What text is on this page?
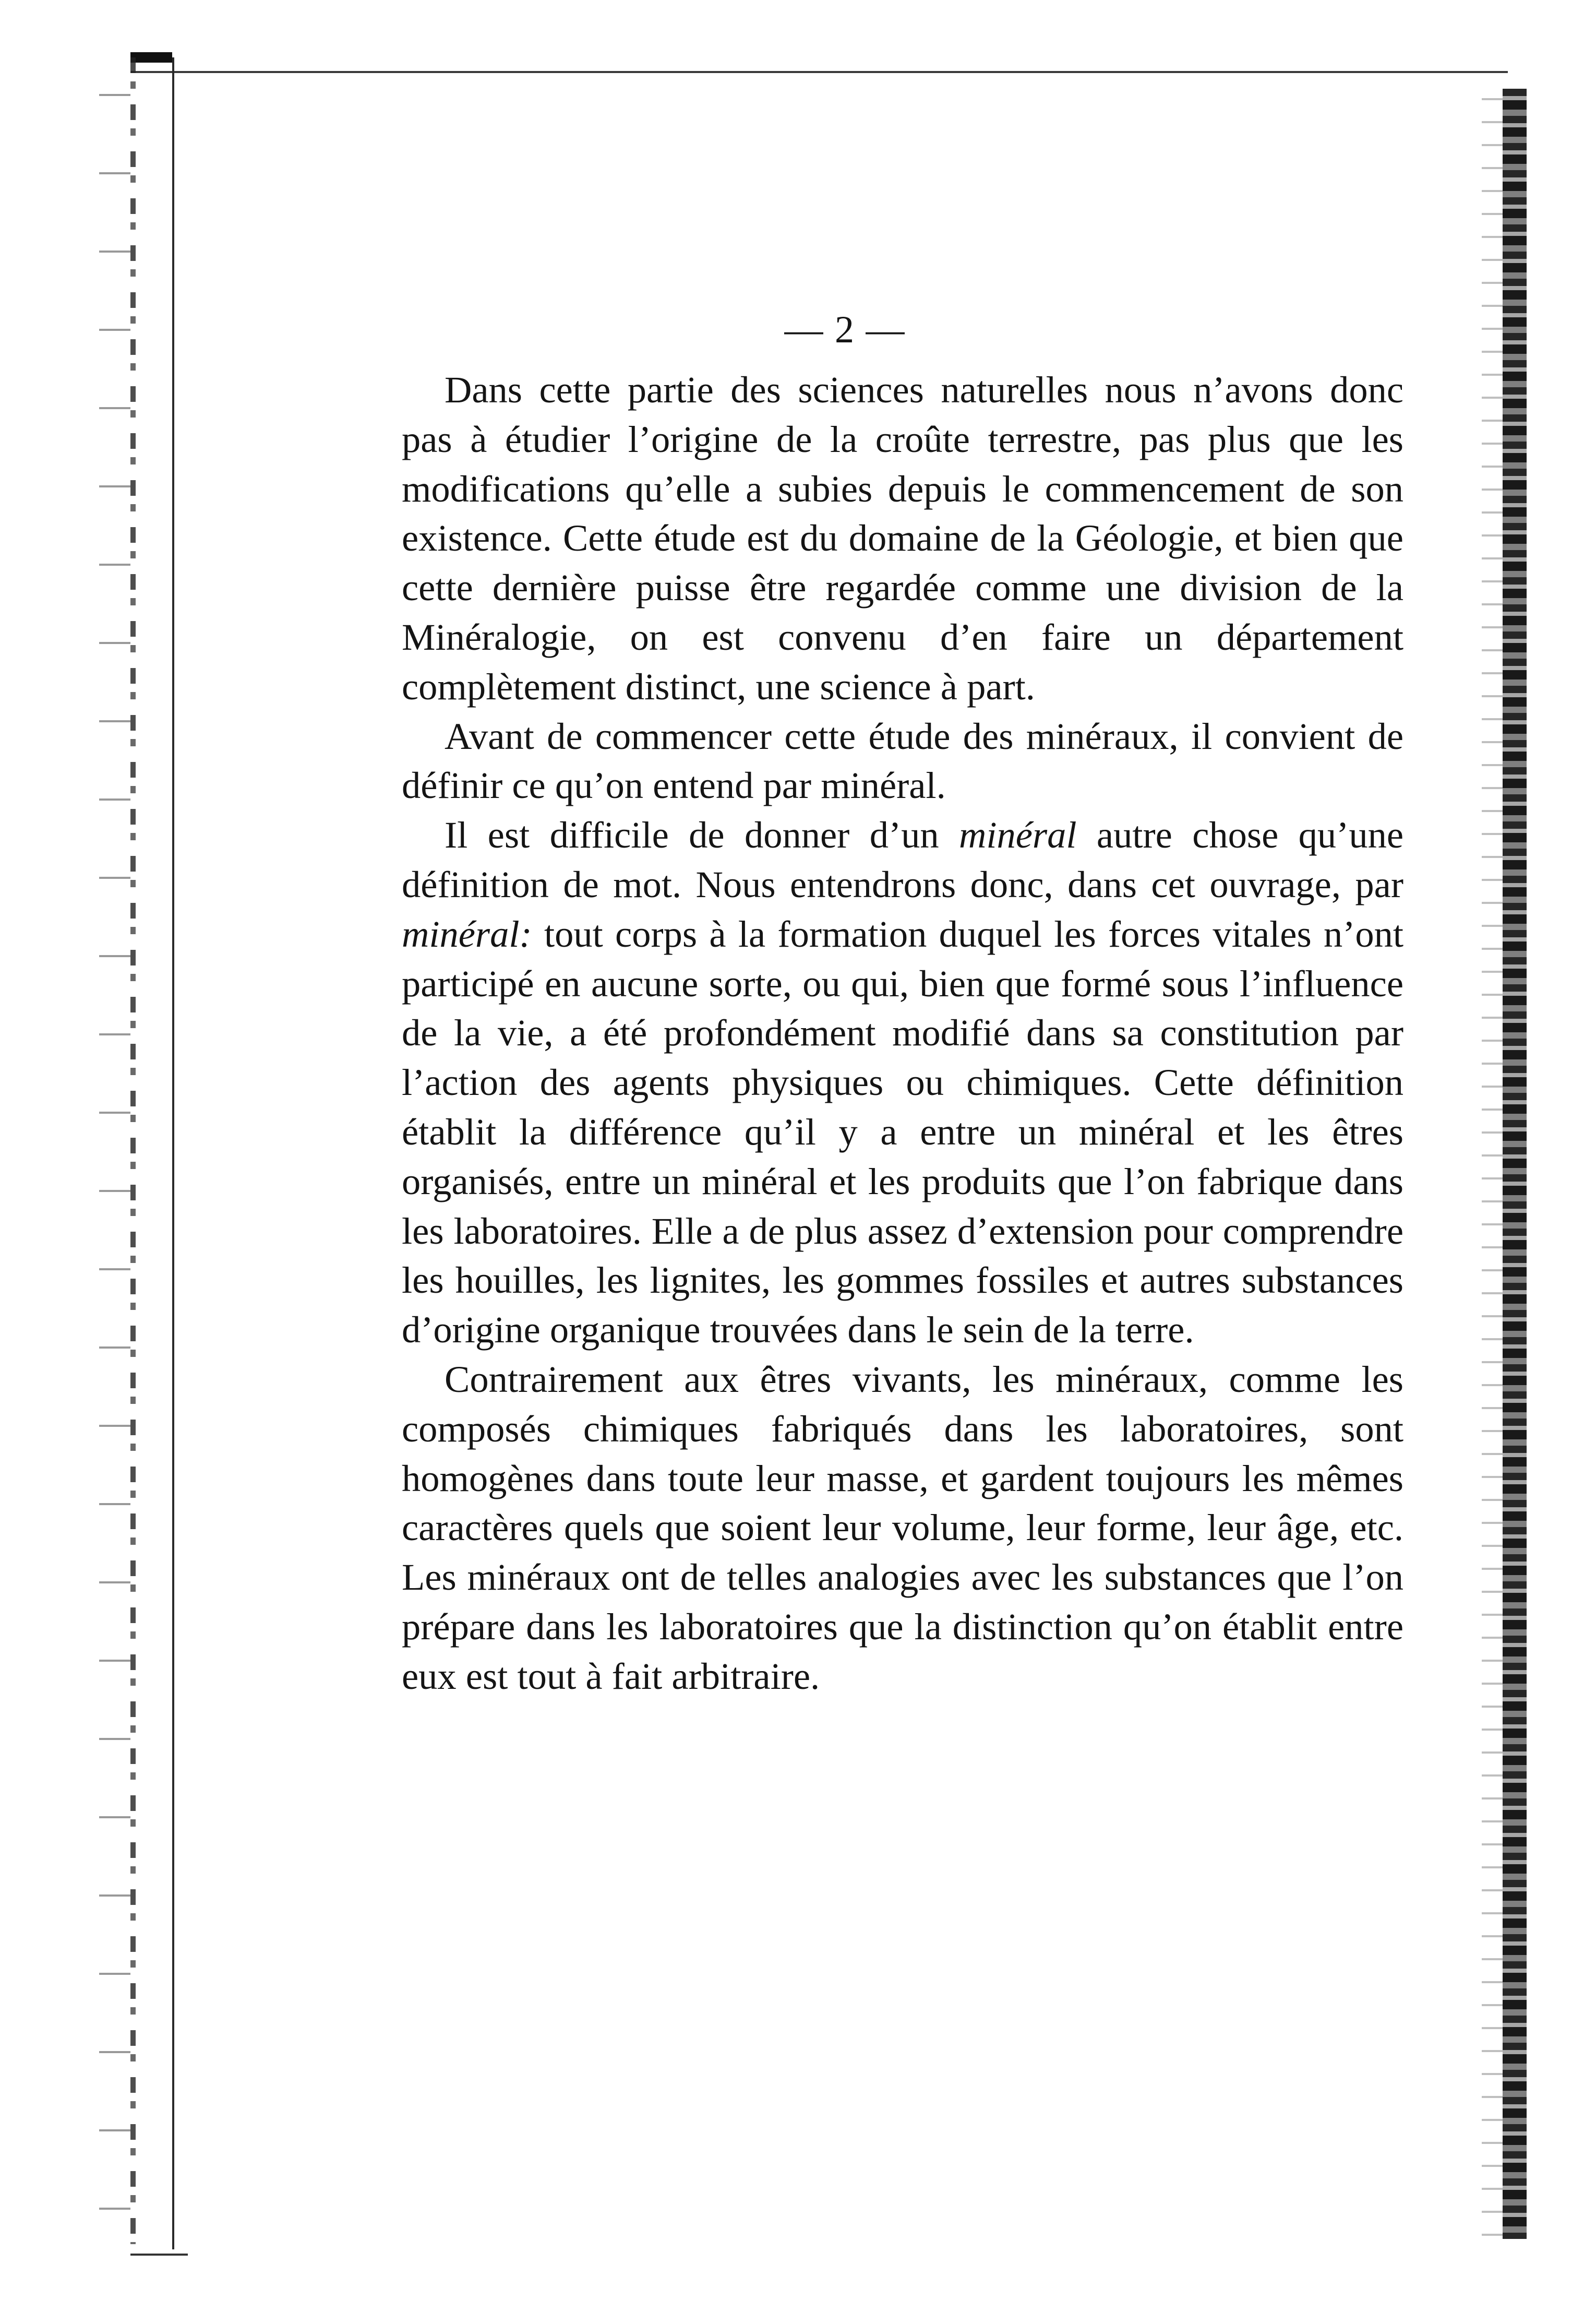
— 2 —

Dans cette partie des sciences naturelles nous n’avons donc pas à étudier l’origine de la croûte terrestre, pas plus que les modifications qu’elle a subies depuis le commencement de son existence. Cette étude est du domaine de la Géologie, et bien que cette dernière puisse être regardée comme une division de la Minéralogie, on est convenu d’en faire un département complètement distinct, une science à part.

Avant de commencer cette étude des minéraux, il convient de définir ce qu’on entend par minéral.

Il est difficile de donner d’un minéral autre chose qu’une définition de mot. Nous entendrons donc, dans cet ouvrage, par minéral: tout corps à la formation duquel les forces vitales n’ont participé en aucune sorte, ou qui, bien que formé sous l’influence de la vie, a été profondément modifié dans sa constitution par l’action des agents physiques ou chimiques. Cette définition établit la différence qu’il y a entre un minéral et les êtres organisés, entre un minéral et les produits que l’on fabrique dans les laboratoires. Elle a de plus assez d’extension pour comprendre les houilles, les lignites, les gommes fossiles et autres substances d’origine organique trouvées dans le sein de la terre.

Contrairement aux êtres vivants, les minéraux, comme les composés chimiques fabriqués dans les laboratoires, sont homogènes dans toute leur masse, et gardent toujours les mêmes caractères quels que soient leur volume, leur forme, leur âge, etc. Les minéraux ont de telles analogies avec les substances que l’on prépare dans les laboratoires que la distinction qu’on établit entre eux est tout à fait arbitraire.
